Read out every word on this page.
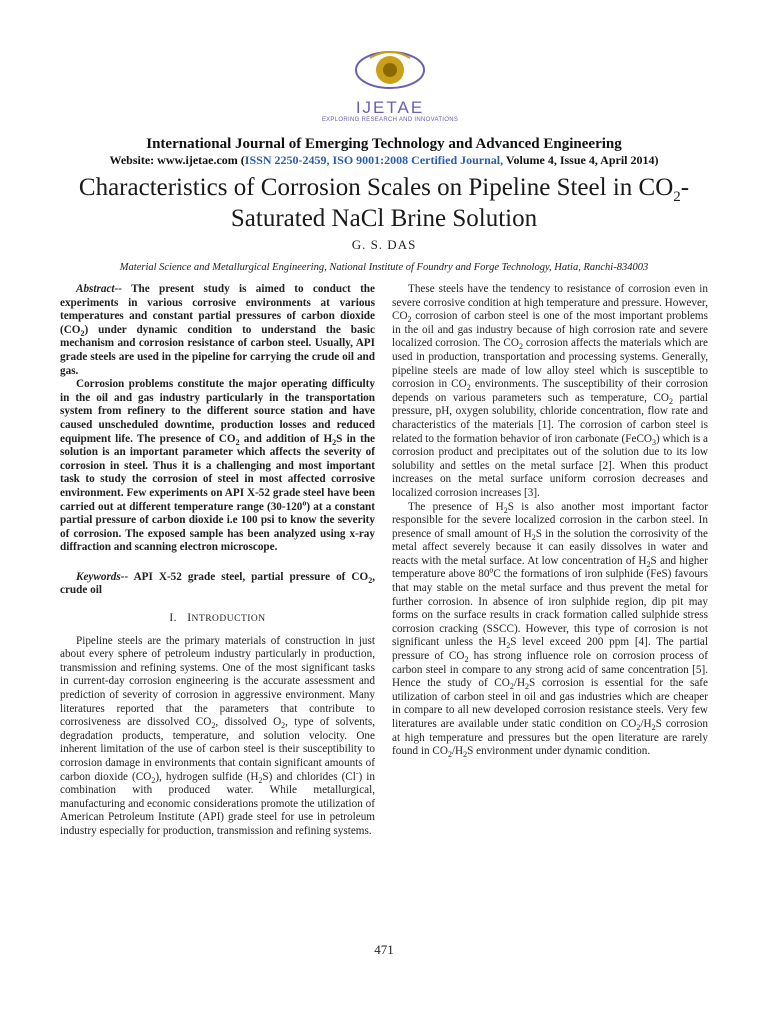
IJETAE
EXPLORING RESEARCH AND INNOVATIONS
International Journal of Emerging Technology and Advanced Engineering
Website: www.ijetae.com (ISSN 2250-2459, ISO 9001:2008 Certified Journal, Volume 4, Issue 4, April 2014)
Characteristics of Corrosion Scales on Pipeline Steel in $CO_2-$
Saturated NaCl Brine Solution
G. S. DAS
Material Science and Metallurgical Engineering, National Institute of Foundry and Forge Technology, Hatia, Ranchi-834003

Abstract-- The present study is aimed to conduct the experiments in various corrosive environments at various temperatures and constant partial pressures of carbon dioxide $(CO_2)$ under dynamic condition to understand the basic mechanism and corrosion resistance of carbon steel. Usually, API grade steels are used in the pipeline for carrying the crude oil and gas.

Corrosion problems constitute the major operating difficulty in the oil and gas industry particularly in the transportation system from refinery to the different source station and have caused unscheduled downtime, production losses and reduced equipment life. The presence of $CO_2$ and addition of $H_2S$ in the solution is an important parameter which affects the severity of corrosion in steel. Thus it is a challenging and most important task to study the corrosion of steel in most affected corrosive environment. Few experiments on API X-52 grade steel have been carried out at different temperature range (30-120$^o$) at a constant partial pressure of carbon dioxide i.e 100 psi to know the severity of corrosion. The exposed sample has been analyzed using x-ray diffraction and scanning electron microscope.

Keywords-- API X-52 grade steel, partial pressure of $CO_2$, crude oil

I. INTRODUCTION

Pipeline steels are the primary materials of construction in just about every sphere of petroleum industry particularly in production, transmission and refining systems. One of the most significant tasks in current-day corrosion engineering is the accurate assessment and prediction of severity of corrosion in aggressive environment. Many literatures reported that the parameters that contribute to corrosiveness are dissolved $CO_2$, dissolved $O_2$, type of solvents, degradation products, temperature, and solution velocity. One inherent limitation of the use of carbon steel is their susceptibility to corrosion damage in environments that contain significant amounts of carbon dioxide $(CO_2)$, hydrogen sulfide $(H_2S)$ and chlorides (Cl-) in combination with produced water. While metallurgical, manufacturing and economic considerations promote the utilization of American Petroleum Institute (API) grade steel for use in petroleum industry especially for production, transmission and refining systems.

These steels have the tendency to resistance of corrosion even in severe corrosive condition at high temperature and pressure. However, $CO_2$ corrosion of carbon steel is one of the most important problems in the oil and gas industry because of high corrosion rate and severe localized corrosion. The $CO_2$ corrosion affects the materials which are used in production, transportation and processing systems. Generally, pipeline steels are made of low alloy steel which is susceptible to corrosion in $CO_2$ environments. The susceptibility of their corrosion depends on various parameters such as temperature, $CO_2$ partial pressure, pH, oxygen solubility, chloride concentration, flow rate and characteristics of the materials [1]. The corrosion of carbon steel is related to the formation behavior of iron carbonate (FeCO$_3$) which is a corrosion product and precipitates out of the solution due to its low solubility and settles on the metal surface [2]. When this product increases on the metal surface uniform corrosion decreases and localized corrosion increases [3].

The presence of $H_2S$ is also another most important factor responsible for the severe localized corrosion in the carbon steel. In presence of small amount of $H_2S$ in the solution the corrosivity of the metal affect severely because it can easily dissolves in water and reacts with the metal surface. At low concentration of $H_2S$ and higher temperature above 80$^o$C the formations of iron sulphide (FeS) favours that may stable on the metal surface and thus prevent the metal for further corrosion. In absence of iron sulphide region, dip pit may forms on the surface results in crack formation called sulphide stress corrosion cracking (SSCC). However, this type of corrosion is not significant unless the $H_2S$ level exceed 200 ppm [4]. The partial pressure of $CO_2$ has strong influence role on corrosion process of carbon steel in compare to any strong acid of same concentration [5]. Hence the study of $CO_2/H_2S$ corrosion is essential for the safe utilization of carbon steel in oil and gas industries which are cheaper in compare to all new developed corrosion resistance steels. Very few literatures are available under static condition on $CO_2/H_2S$ corrosion at high temperature and pressures but the open literature are rarely found in $CO_2/H_2S$ environment under dynamic condition.

471
